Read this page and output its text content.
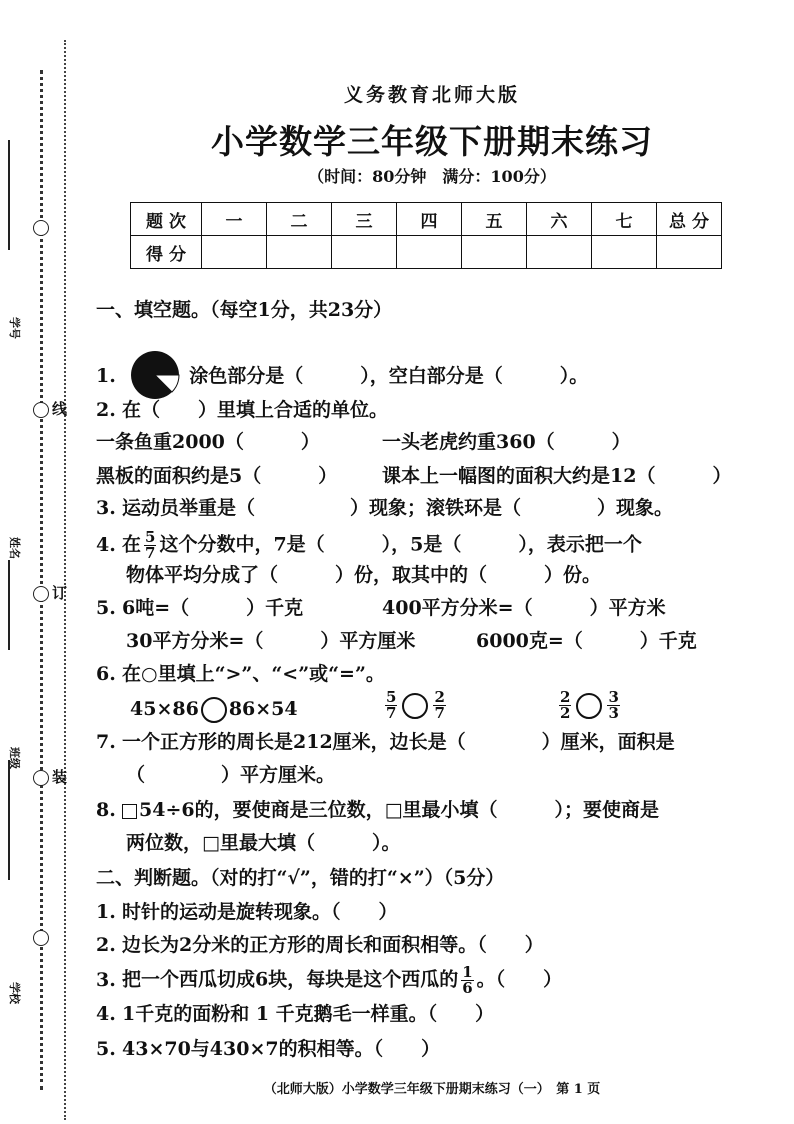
学号
姓名
班级
学校
线
订
装
义务教育北师大版
小学数学三年级下册期末练习
（时间：80分钟　满分：100分）
题 次	一	二	三	四	五	六	七	总 分
得 分								
一、填空题。（每空1分，共23分）
1.	涂色部分是（　　　），空白部分是（　　　）。
2. 在（　　）里填上合适的单位。
一条鱼重2000（　　　）	一头老虎约重360（　　　）
黑板的面积约是5（　　　） 课本上一幅图的面积大约是12（　　　）
3. 运动员举重是（　　　　　）现象；滚铁环是（　　　　）现象。
4. 在 $\frac{5}{7}$ 这个分数中，7是（　　　），5是（　　　），表示把一个
物体平均分成了（　　　）份，取其中的（　　　）份。
5. 6吨=（　　　）千克	400平方分米=（　　　）平方米
30平方分米=（　　　）平方厘米	6000克=（　　　）千克
6. 在○里填上“>”、“<”或“=”。
45×86 86×54	$\frac{5}{7} \frac{2}{7}$	$\frac{2}{2} \frac{3}{3}$
7. 一个正方形的周长是212厘米，边长是（　　　　）厘米，面积是
（　　　　）平方厘米。
8. 54÷6的，要使商是三位数，□里最小填（　　　）；要使商是
两位数，□里最大填（　　　）。
二、判断题。（对的打“√”，错的打“×”）（5分）
1. 时针的运动是旋转现象。（　　）
2. 边长为2分米的正方形的周长和面积相等。（　　）
3. 把一个西瓜切成6块，每块是这个西瓜的 $\frac{1}{6}$ 。（　　）
4. 1千克的面粉和 1 千克鹅毛一样重。（　　）
5. 43×70与430×7的积相等。（　　）
（北师大版）小学数学三年级下册期末练习（一）　第 1 页
